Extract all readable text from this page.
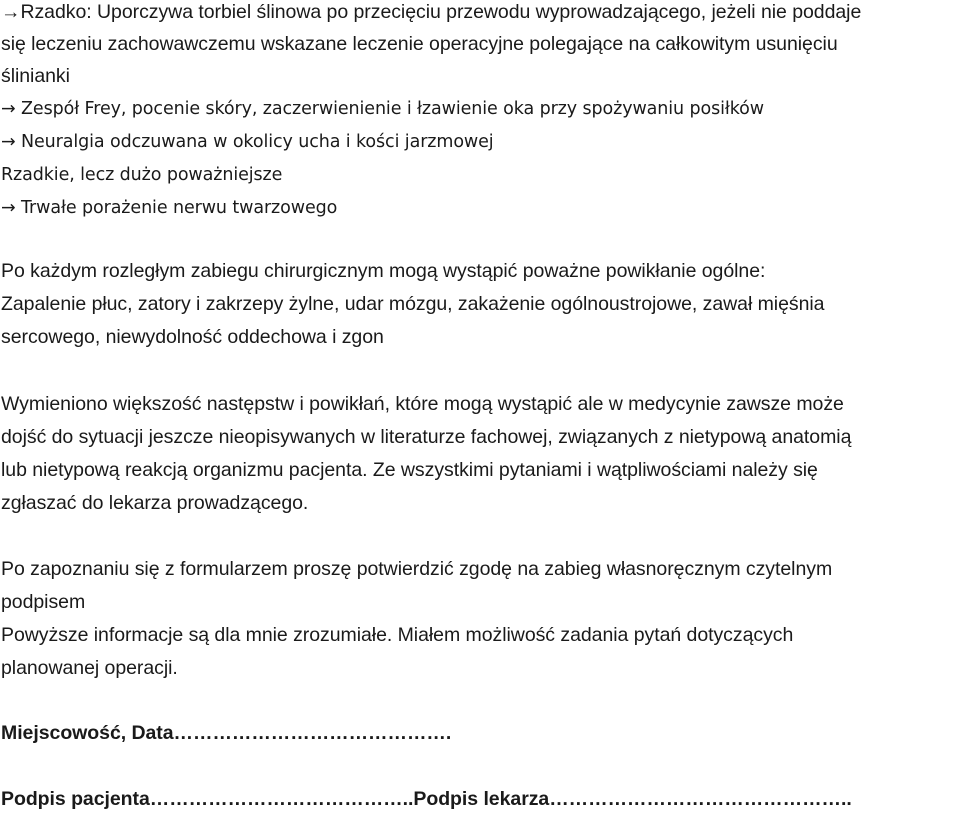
→Rzadko: Uporczywa torbiel ślinowa po przecięciu przewodu wyprowadzającego, jeżeli nie poddaje
się leczeniu zachowawczemu wskazane leczenie operacyjne polegające na całkowitym usunięciu
ślinianki
→ Zespół Frey, pocenie skóry, zaczerwienienie i łzawienie oka przy spożywaniu posiłków
→ Neuralgia odczuwana w okolicy ucha i kości jarzmowej
Rzadkie, lecz dużo poważniejsze
→ Trwałe porażenie nerwu twarzowego
Po każdym rozległym zabiegu chirurgicznym mogą wystąpić poważne powikłanie ogólne:
Zapalenie płuc, zatory i zakrzepy żylne, udar mózgu, zakażenie ogólnoustrojowe, zawał mięśnia
sercowego, niewydolność oddechowa i zgon
Wymieniono większość następstw i powikłań, które mogą wystąpić ale w medycynie zawsze może
dojść do sytuacji jeszcze nieopisywanych w literaturze fachowej, związanych z nietypową anatomią
lub nietypową reakcją organizmu pacjenta. Ze wszystkimi pytaniami i wątpliwościami należy się
zgłaszać do lekarza prowadzącego.
Po zapoznaniu się z formularzem proszę potwierdzić zgodę na zabieg własnoręcznym czytelnym
podpisem
Powyższe informacje są dla mnie zrozumiałe. Miałem możliwość zadania pytań dotyczących
planowanej operacji.
Miejscowość, Data…………………………………….
Podpis pacjenta…………………………………..Podpis lekarza………………………………………..
